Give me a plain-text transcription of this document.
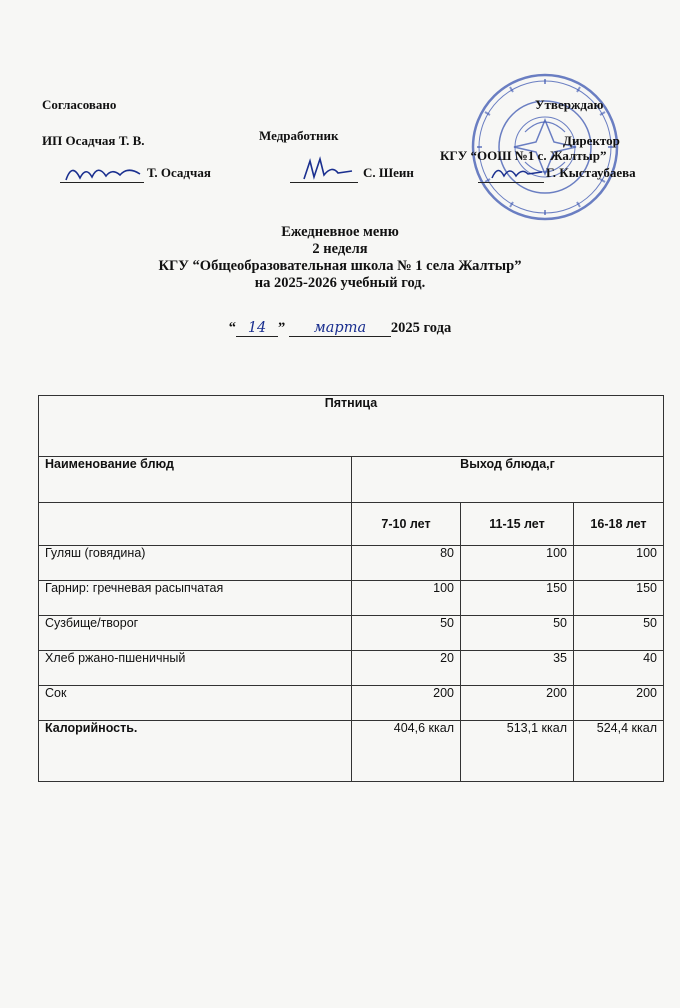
Согласовано
ИП Осадчая Т. В.
Т. Осадчая
Медработник
С. Шеин
Утверждаю
Директор
КГУ “ООШ №1 с. Жалтыр”
Г. Кыстаубаева
Ежедневное меню
2 неделя
КГУ “Общеобразовательная школа № 1 села Жалтыр”
на 2025-2026 учебный год.
“ 14 ” марта 2025 года
Пятница			
Наименование блюд	Выход блюда,г		
	7-10 лет	11-15 лет	16-18 лет
Гуляш (говядина)	80	100	100
Гарнир: гречневая расыпчатая	100	150	150
Сузбище/творог	50	50	50
Хлеб ржано-пшеничный	20	35	40
Сок	200	200	200
Калорийность.	404,6 ккал	513,1 ккал	524,4 ккал
